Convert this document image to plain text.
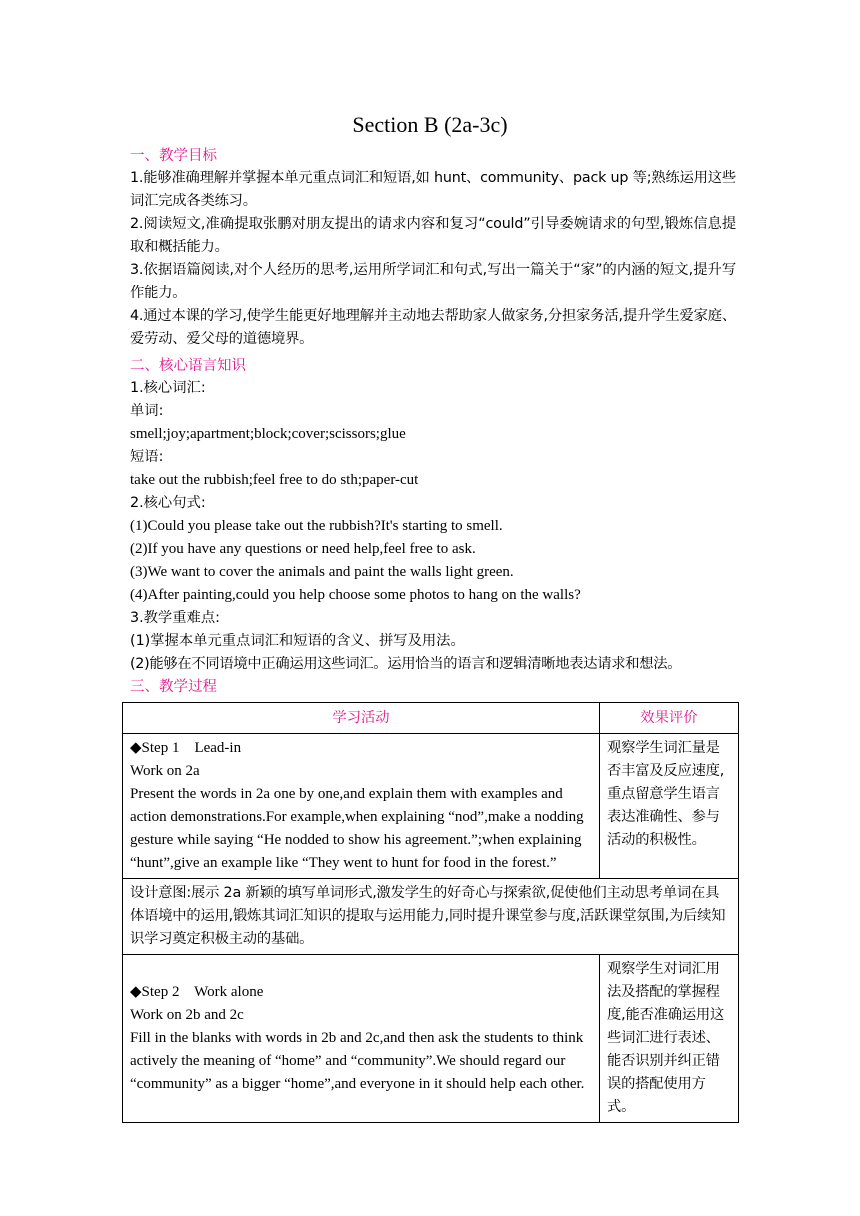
Section B (2a-3c)
一、教学目标
1.能够准确理解并掌握本单元重点词汇和短语,如 hunt、community、pack up 等;熟练运用这些词汇完成各类练习。
2.阅读短文,准确提取张鹏对朋友提出的请求内容和复习“could”引导委婉请求的句型,锻炼信息提取和概括能力。
3.依据语篇阅读,对个人经历的思考,运用所学词汇和句式,写出一篇关于“家”的内涵的短文,提升写作能力。
4.通过本课的学习,使学生能更好地理解并主动地去帮助家人做家务,分担家务活,提升学生爱家庭、爱劳动、爱父母的道德境界。
二、核心语言知识
1.核心词汇:
单词:
smell;joy;apartment;block;cover;scissors;glue
短语:
take out the rubbish;feel free to do sth;paper-cut
2.核心句式:
(1)Could you please take out the rubbish?It's starting to smell.
(2)If you have any questions or need help,feel free to ask.
(3)We want to cover the animals and paint the walls light green.
(4)After painting,could you help choose some photos to hang on the walls?
3.教学重难点:
(1)掌握本单元重点词汇和短语的含义、拼写及用法。
(2)能够在不同语境中正确运用这些词汇。运用恰当的语言和逻辑清晰地表达请求和想法。
三、教学过程
学习活动	效果评价

◆Step 1    Lead-in
Work on 2a
Present the words in 2a one by one,and explain them with examples and action demonstrations.For example,when explaining “nod”,make a nodding gesture while saying “He nodded to show his agreement.”;when explaining “hunt”,give an example like “They went to hunt for food in the forest.”	观察学生词汇量是否丰富及反应速度,重点留意学生语言表达准确性、参与活动的积极性。
设计意图:展示 2a 新颖的填写单词形式,激发学生的好奇心与探索欲,促使他们主动思考单词在具体语境中的运用,锻炼其词汇知识的提取与运用能力,同时提升课堂参与度,活跃课堂氛围,为后续知识学习奠定积极主动的基础。	

◆Step 2    Work alone
Work on 2b and 2c
Fill in the blanks with words in 2b and 2c,and then ask the students to think actively the meaning of “home” and “community”.We should regard our “community” as a bigger “home”,and everyone in it should help each other.	观察学生对词汇用法及搭配的掌握程度,能否准确运用这些词汇进行表述、能否识别并纠正错误的搭配使用方式。
